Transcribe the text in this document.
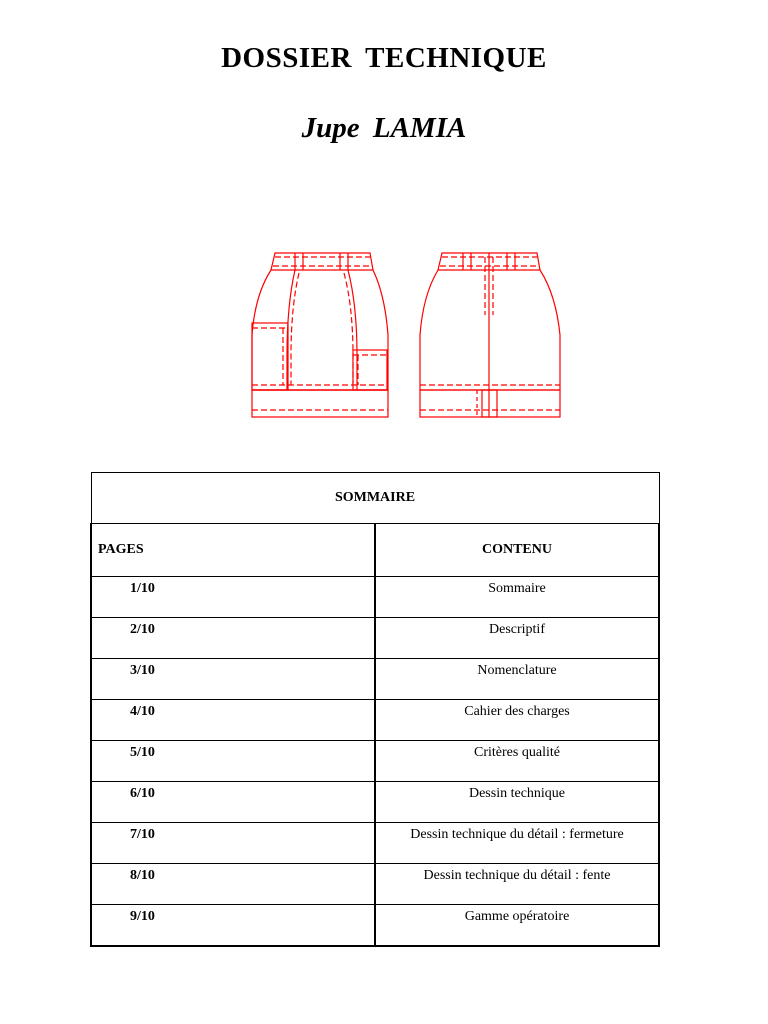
DOSSIER TECHNIQUE
Jupe LAMIA
SOMMAIRE	
PAGES	CONTENU
1/10	Sommaire
2/10	Descriptif
3/10	Nomenclature
4/10	Cahier des charges
5/10	Critères qualité
6/10	Dessin technique
7/10	Dessin technique du détail : fermeture
8/10	Dessin technique du détail : fente
9/10	Gamme opératoire
